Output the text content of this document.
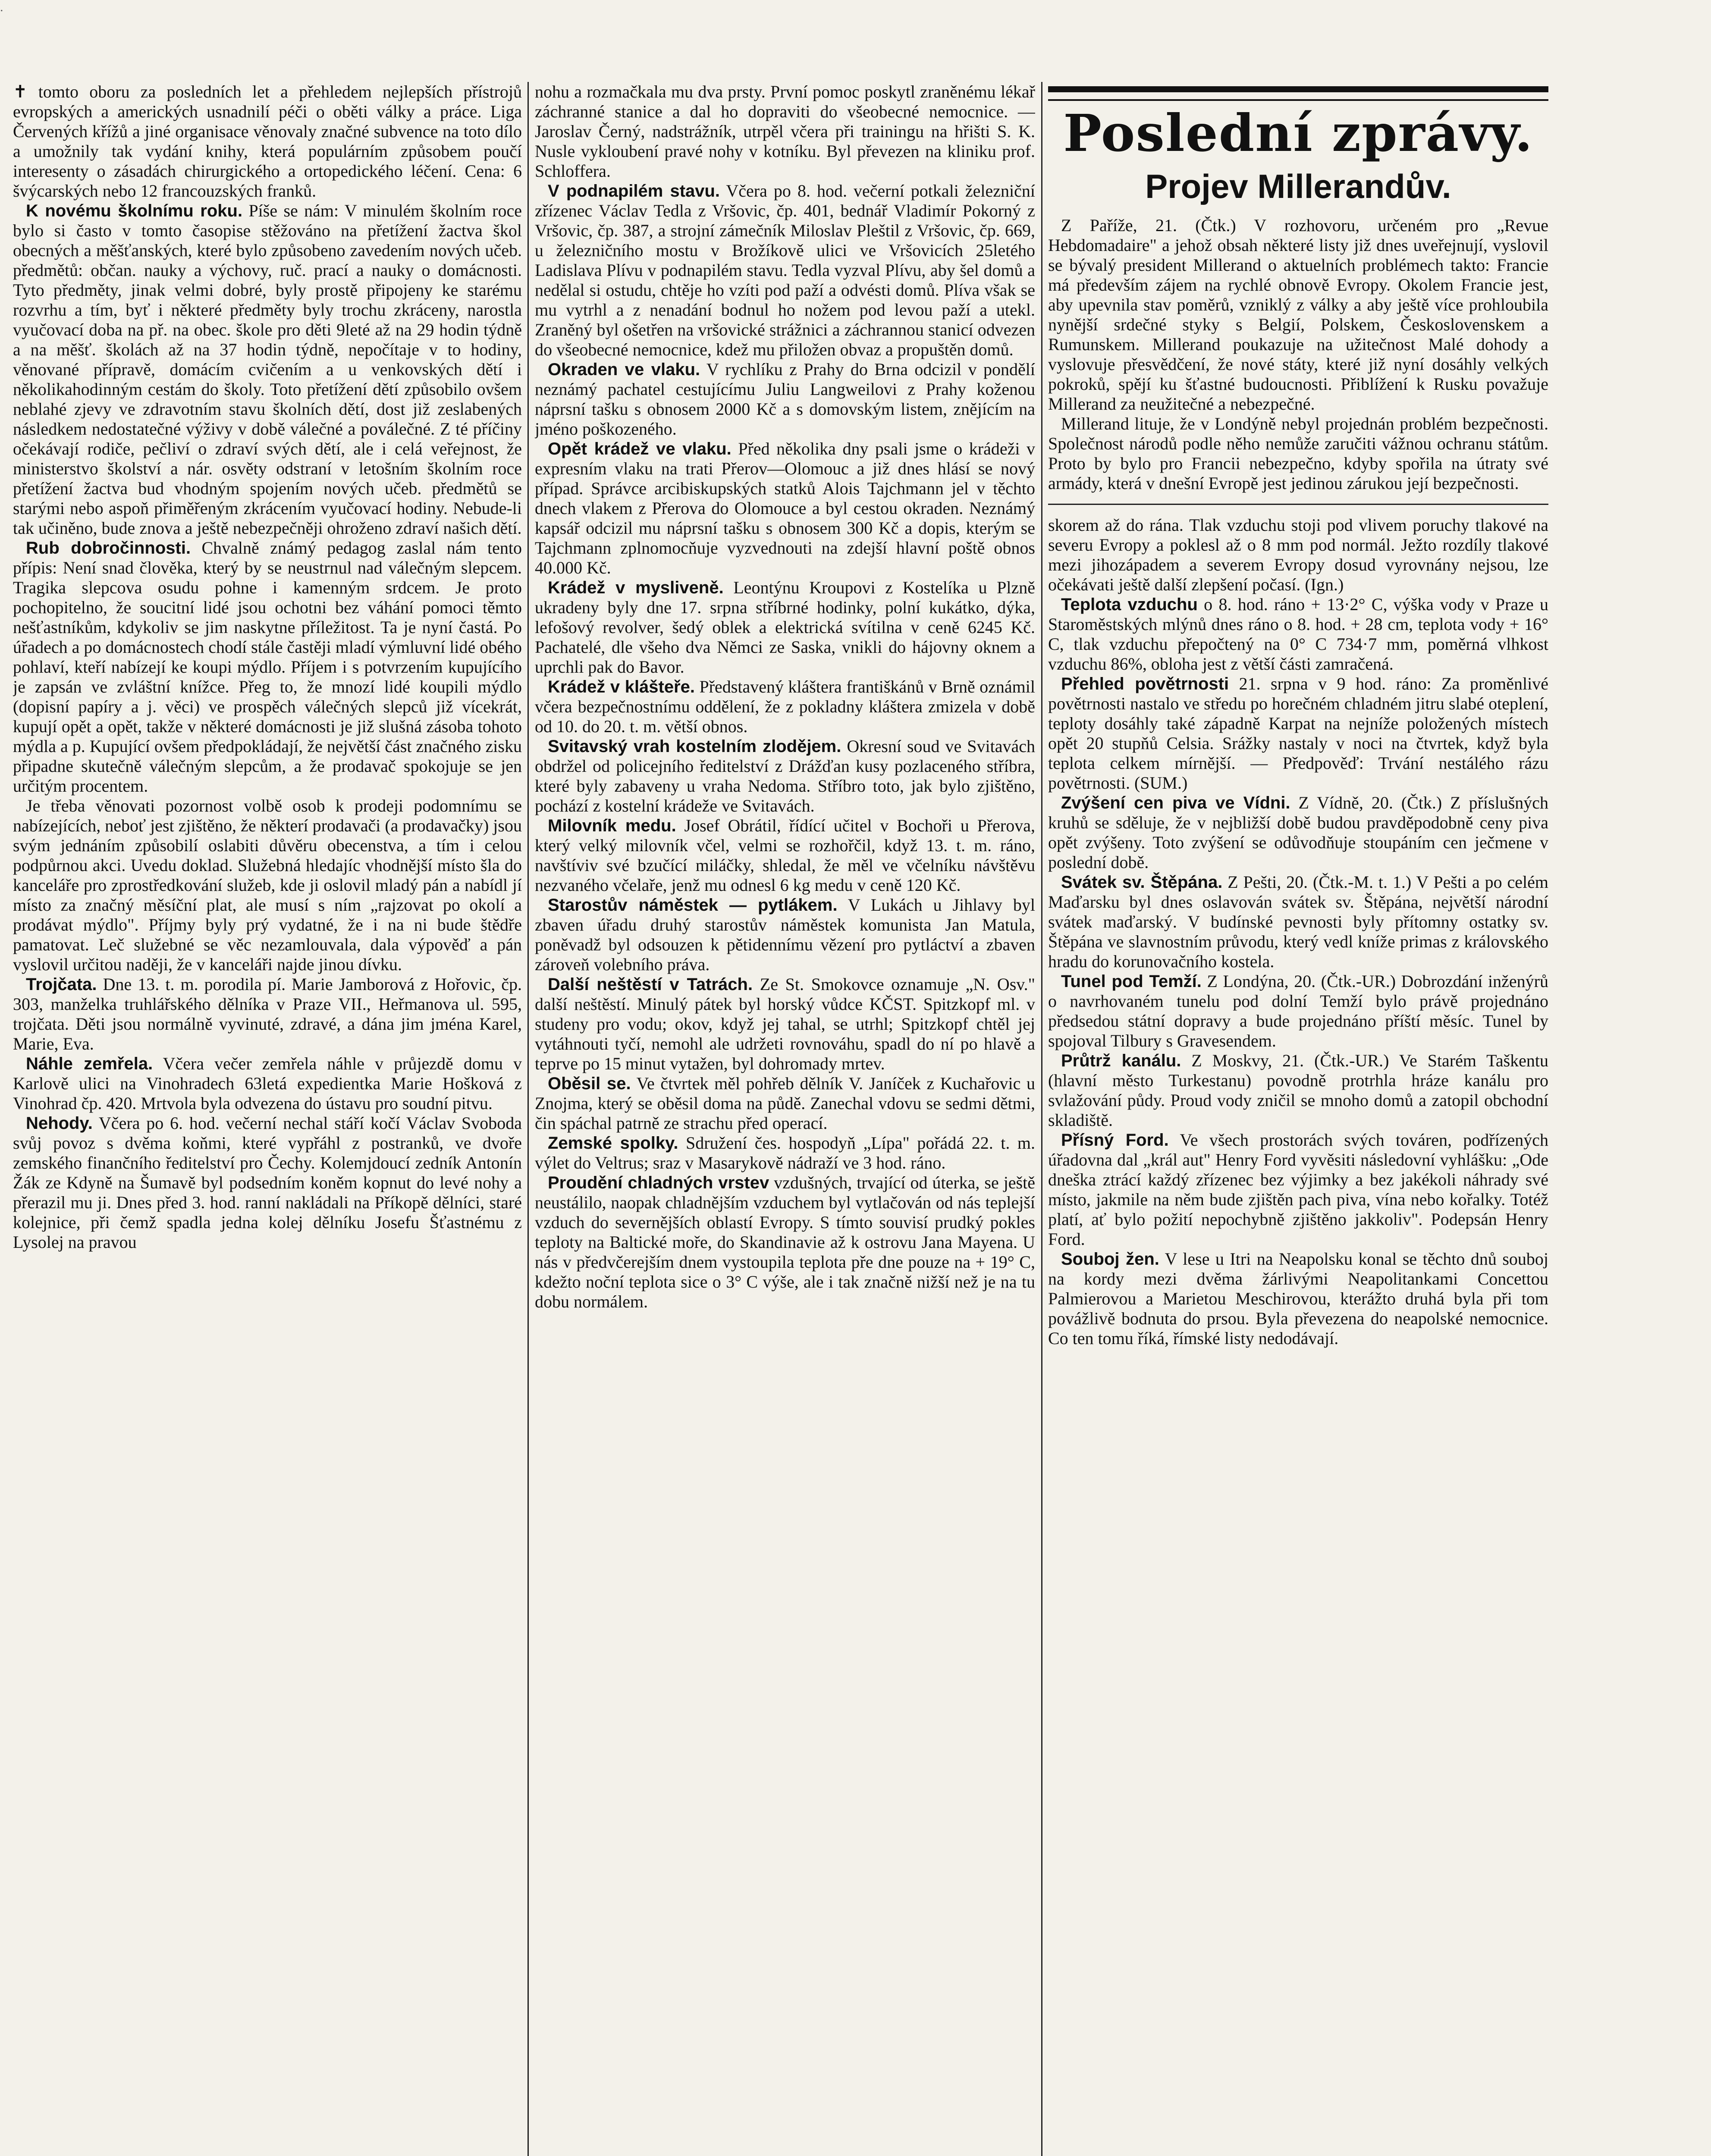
.

✝ tomto oboru za posledních let a přehledem nejlepších přístrojů evropských a amerických usnadnilí péči o oběti války a práce. Liga Červených křížů a jiné organisace věnovaly značné subvence na toto dílo a umožnily tak vydání knihy, která populárním způsobem poučí interesenty o zásadách chirurgického a ortopedického léčení. Cena: 6 švýcarských nebo 12 francouzských franků.

K novému školnímu roku. Píše se nám: V minulém školním roce bylo si často v tomto časopise stěžováno na přetížení žactva škol obecných a měšťanských, které bylo způsobeno zavedením nových učeb. předmětů: občan. nauky a výchovy, ruč. prací a nauky o domácnosti. Tyto předměty, jinak velmi dobré, byly prostě připojeny ke starému rozvrhu a tím, byť i některé předměty byly trochu zkráceny, narostla vyučovací doba na př. na obec. škole pro děti 9leté až na 29 hodin týdně a na měšť. školách až na 37 hodin týdně, nepočítaje v to hodiny, věnované přípravě, domácím cvičením a u venkovských dětí i několikahodinným cestám do školy. Toto přetížení dětí způsobilo ovšem neblahé zjevy ve zdravotním stavu školních dětí, dost již zeslabených následkem nedostatečné výživy v době válečné a poválečné. Z té příčiny očekávají rodiče, pečliví o zdraví svých dětí, ale i celá veřejnost, že ministerstvo školství a nár. osvěty odstraní v letošním školním roce přetížení žactva bud vhodným spojením nových učeb. předmětů se starými nebo aspoň přiměřeným zkrácením vyučovací hodiny. Nebude-li tak učiněno, bude znova a ještě nebezpečněji ohroženo zdraví našich dětí.

Rub dobročinnosti. Chvalně známý pedagog zaslal nám tento přípis: Není snad člověka, který by se neustrnul nad válečným slepcem. Tragika slepcova osudu pohne i kamenným srdcem. Je proto pochopitelno, že soucitní lidé jsou ochotni bez váhání pomoci těmto nešťastníkům, kdykoliv se jim naskytne příležitost. Ta je nyní častá. Po úřadech a po domácnostech chodí stále častěji mladí výmluvní lidé obého pohlaví, kteří nabízejí ke koupi mýdlo. Příjem i s potvrzením kupujícího je zapsán ve zvláštní knížce. Přeg to, že mnozí lidé koupili mýdlo (dopisní papíry a j. věci) ve prospěch válečných slepců již vícekrát, kupují opět a opět, takže v některé domácnosti je již slušná zásoba tohoto mýdla a p. Kupující ovšem předpokládají, že největší část značného zisku připadne skutečně válečným slepcům, a že prodavač spokojuje se jen určitým procentem.

Je třeba věnovati pozornost volbě osob k prodeji podomnímu se nabízejících, neboť jest zjištěno, že některí prodavači (a prodavačky) jsou svým jednáním způsobilí oslabiti důvěru obecenstva, a tím i celou podpůrnou akci. Uvedu doklad. Služebná hledajíc vhodnější místo šla do kanceláře pro zprostředkování služeb, kde ji oslovil mladý pán a nabídl jí místo za značný měsíční plat, ale musí s ním „rajzovat po okolí a prodávat mýdlo". Příjmy byly prý vydatné, že i na ni bude štědře pamatovat. Leč služebné se věc nezamlouvala, dala výpověď a pán vyslovil určitou naději, že v kanceláři najde jinou dívku.

Trojčata. Dne 13. t. m. porodila pí. Marie Jamborová z Hořovic, čp. 303, manželka truhlářského dělníka v Praze VII., Heřmanova ul. 595, trojčata. Děti jsou normálně vyvinuté, zdravé, a dána jim jména Karel, Marie, Eva.

Náhle zemřela. Včera večer zemřela náhle v průjezdě domu v Karlově ulici na Vinohradech 63letá expedientka Marie Hošková z Vinohrad čp. 420. Mrtvola byla odvezena do ústavu pro soudní pitvu.

Nehody. Včera po 6. hod. večerní nechal stáří kočí Václav Svoboda svůj povoz s dvěma koňmi, které vypřáhl z postranků, ve dvoře zemského finančního ředitelství pro Čechy. Kolemjdoucí zedník Antonín Žák ze Kdyně na Šumavě byl podsedním koněm kopnut do levé nohy a přerazil mu ji. Dnes před 3. hod. ranní nakládali na Příkopě dělníci, staré kolejnice, při čemž spadla jedna kolej dělníku Josefu Šťastnému z Lysolej na pravou

nohu a rozmačkala mu dva prsty. První pomoc poskytl zraněnému lékař záchranné stanice a dal ho dopraviti do všeobecné nemocnice. — Jaroslav Černý, nadstrážník, utrpěl včera při trainingu na hřišti S. K. Nusle vykloubení pravé nohy v kotníku. Byl převezen na kliniku prof. Schloffera.

V podnapilém stavu. Včera po 8. hod. večerní potkali železniční zřízenec Václav Tedla z Vršovic, čp. 401, bednář Vladimír Pokorný z Vršovic, čp. 387, a strojní zámečník Miloslav Pleštil z Vršovic, čp. 669, u železničního mostu v Brožíkově ulici ve Vršovicích 25letého Ladislava Plívu v podnapilém stavu. Tedla vyzval Plívu, aby šel domů a nedělal si ostudu, chtěje ho vzíti pod paží a odvésti domů. Plíva však se mu vytrhl a z nenadání bodnul ho nožem pod levou paží a utekl. Zraněný byl ošetřen na vršovické strážnici a záchrannou stanicí odvezen do všeobecné nemocnice, kdež mu přiložen obvaz a propuštěn domů.

Okraden ve vlaku. V rychlíku z Prahy do Brna odcizil v pondělí neznámý pachatel cestujícímu Juliu Langweilovi z Prahy koženou náprsní tašku s obnosem 2000 Kč a s domovským listem, znějícím na jméno poškozeného.

Opět krádež ve vlaku. Před několika dny psali jsme o krádeži v expresním vlaku na trati Přerov—Olomouc a již dnes hlásí se nový případ. Správce arcibiskupských statků Alois Tajchmann jel v těchto dnech vlakem z Přerova do Olomouce a byl cestou okraden. Neznámý kapsář odcizil mu náprsní tašku s obnosem 300 Kč a dopis, kterým se Tajchmann zplnomocňuje vyzvednouti na zdejší hlavní poště obnos 40.000 Kč.

Krádež v mysliveně. Leontýnu Kroupovi z Kostelíka u Plzně ukradeny byly dne 17. srpna stříbrné hodinky, polní kukátko, dýka, lefošový revolver, šedý oblek a elektrická svítilna v ceně 6245 Kč. Pachatelé, dle všeho dva Němci ze Saska, vnikli do hájovny oknem a uprchli pak do Bavor.

Krádež v klášteře. Představený kláštera františkánů v Brně oznámil včera bezpečnostnímu oddělení, že z pokladny kláštera zmizela v době od 10. do 20. t. m. větší obnos.

Svitavský vrah kostelním zlodějem. Okresní soud ve Svitavách obdržel od policejního ředitelství z Drážďan kusy pozlaceného stříbra, které byly zabaveny u vraha Nedoma. Stříbro toto, jak bylo zjištěno, pochází z kostelní krádeže ve Svitavách.

Milovník medu. Josef Obrátil, řídící učitel v Bochoři u Přerova, který velký milovník včel, velmi se rozhořčil, když 13. t. m. ráno, navštíviv své bzučící miláčky, shledal, že měl ve včelníku návštěvu nezvaného včelaře, jenž mu odnesl 6 kg medu v ceně 120 Kč.

Starostův náměstek — pytlákem. V Lukách u Jihlavy byl zbaven úřadu druhý starostův náměstek komunista Jan Matula, poněvadž byl odsouzen k pětidennímu vězení pro pytláctví a zbaven zároveň volebního práva.

Další neštěstí v Tatrách. Ze St. Smokovce oznamuje „N. Osv." další neštěstí. Minulý pátek byl horský vůdce KČST. Spitzkopf ml. v studeny pro vodu; okov, když jej tahal, se utrhl; Spitzkopf chtěl jej vytáhnouti tyčí, nemohl ale udržeti rovnováhu, spadl do ní po hlavě a teprve po 15 minut vytažen, byl dohromady mrtev.

Oběsil se. Ve čtvrtek měl pohřeb dělník V. Janíček z Kuchařovic u Znojma, který se oběsil doma na půdě. Zanechal vdovu se sedmi dětmi, čin spáchal patrně ze strachu před operací.

Zemské spolky. Sdružení čes. hospodyň „Lípa" pořádá 22. t. m. výlet do Veltrus; sraz v Masarykově nádraží ve 3 hod. ráno.

Proudění chladných vrstev vzdušných, trvající od úterka, se ještě neustálilo, naopak chladnějším vzduchem byl vytlačován od nás teplejší vzduch do severnějších oblastí Evropy. S tímto souvisí prudký pokles teploty na Baltické moře, do Skandinavie až k ostrovu Jana Mayena. U nás v předvčerejším dnem vystoupila teplota pře dne pouze na + 19° C, kdežto noční teplota sice o 3° C výše, ale i tak značně nižší než je na tu dobu normálem.

Poslední zprávy.
Projev Millerandův.

Z Paříže, 21. (Čtk.) V rozhovoru, určeném pro „Revue Hebdomadaire" a jehož obsah některé listy již dnes uveřejnují, vyslovil se bývalý president Millerand o aktuelních problémech takto: Francie má především zájem na rychlé obnově Evropy. Okolem Francie jest, aby upevnila stav poměrů, vzniklý z války a aby ještě více prohloubila nynější srdečné styky s Belgií, Polskem, Československem a Rumunskem. Millerand poukazuje na užitečnost Malé dohody a vyslovuje přesvědčení, že nové státy, které již nyní dosáhly velkých pokroků, spějí ku šťastné budoucnosti. Přiblížení k Rusku považuje Millerand za neužitečné a nebezpečné.

Millerand lituje, že v Londýně nebyl projednán problém bezpečnosti. Společnost národů podle něho nemůže zaručiti vážnou ochranu státům. Proto by bylo pro Francii nebezpečno, kdyby spořila na útraty své armády, která v dnešní Evropě jest jedinou zárukou její bezpečnosti.

skorem až do rána. Tlak vzduchu stoji pod vlivem poruchy tlakové na severu Evropy a poklesl až o 8 mm pod normál. Ježto rozdíly tlakové mezi jihozápadem a severem Evropy dosud vyrovnány nejsou, lze očekávati ještě další zlepšení počasí. (Ign.)

Teplota vzduchu o 8. hod. ráno + 13·2° C, výška vody v Praze u Staroměstských mlýnů dnes ráno o 8. hod. + 28 cm, teplota vody + 16° C, tlak vzduchu přepočtený na 0° C 734·7 mm, poměrná vlhkost vzduchu 86%, obloha jest z větší části zamračená.

Přehled povětrnosti 21. srpna v 9 hod. ráno: Za proměnlivé povětrnosti nastalo ve středu po horečném chladném jitru slabé oteplení, teploty dosáhly také západně Karpat na nejníže položených místech opět 20 stupňů Celsia. Srážky nastaly v noci na čtvrtek, když byla teplota celkem mírnější. — Předpověď: Trvání nestálého rázu povětrnosti. (SUM.)

Zvýšení cen piva ve Vídni. Z Vídně, 20. (Čtk.) Z příslušných kruhů se sděluje, že v nejbližší době budou pravděpodobně ceny piva opět zvýšeny. Toto zvýšení se odůvodňuje stoupáním cen ječmene v poslední době.

Svátek sv. Štěpána. Z Pešti, 20. (Čtk.-M. t. 1.) V Pešti a po celém Maďarsku byl dnes oslavován svátek sv. Štěpána, největší národní svátek maďarský. V budínské pevnosti byly přítomny ostatky sv. Štěpána ve slavnostním průvodu, který vedl kníže primas z královského hradu do korunovačního kostela.

Tunel pod Temží. Z Londýna, 20. (Čtk.-UR.) Dobrozdání inženýrů o navrhovaném tunelu pod dolní Temží bylo právě projednáno předsedou státní dopravy a bude projednáno příští měsíc. Tunel by spojoval Tilbury s Gravesendem.

Průtrž kanálu. Z Moskvy, 21. (Čtk.-UR.) Ve Starém Taškentu (hlavní město Turkestanu) povodně protrhla hráze kanálu pro svlažování půdy. Proud vody zničil se mnoho domů a zatopil obchodní skladiště.

Přísný Ford. Ve všech prostorách svých továren, podřízených úřadovna dal „král aut" Henry Ford vyvěsiti následovní vyhlášku: „Ode dneška ztrácí každý zřízenec bez výjimky a bez jakékoli náhrady své místo, jakmile na něm bude zjištěn pach piva, vína nebo kořalky. Totéž platí, ať bylo požití nepochybně zjištěno jakkoliv". Podepsán Henry Ford.

Souboj žen. V lese u Itri na Neapolsku konal se těchto dnů souboj na kordy mezi dvěma žárlivými Neapolitankami Concettou Palmierovou a Marietou Meschirovou, kterážto druhá byla při tom povážlivě bodnuta do prsou. Byla převezena do neapolské nemocnice. Co ten tomu říká, římské listy nedodávají.
